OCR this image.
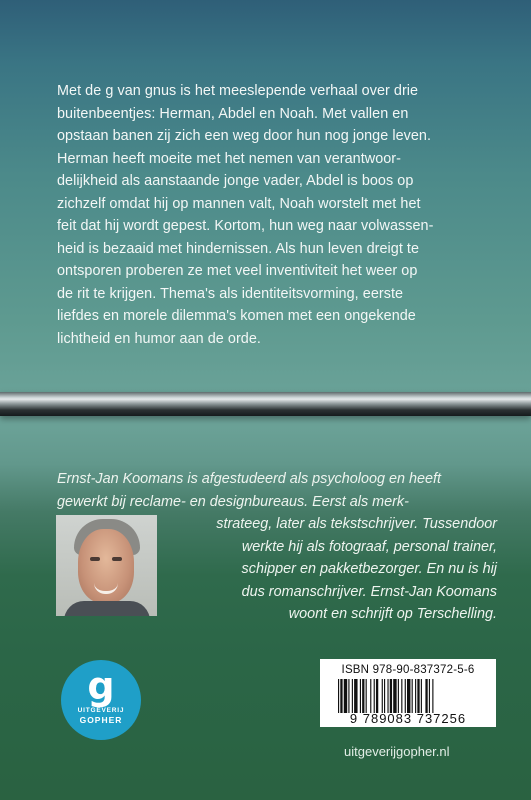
Met de g van gnus is het meeslepende verhaal over drie
buitenbeentjes: Herman, Abdel en Noah. Met vallen en
opstaan banen zij zich een weg door hun nog jonge leven.
Herman heeft moeite met het nemen van verantwoor-
delijkheid als aanstaande jonge vader, Abdel is boos op
zichzelf omdat hij op mannen valt, Noah worstelt met het
feit dat hij wordt gepest. Kortom, hun weg naar volwassen-
heid is bezaaid met hindernissen. Als hun leven dreigt te
ontsporen proberen ze met veel inventiviteit het weer op
de rit te krijgen. Thema's als identiteitsvorming, eerste
liefdes en morele dilemma's komen met een ongekende
lichtheid en humor aan de orde.
Ernst-Jan Koomans is afgestudeerd als psycholoog en heeft
gewerkt bij reclame- en designbureaus. Eerst als merk-
strateeg, later als tekstschrijver. Tussendoor
werkte hij als fotograaf, personal trainer,
schipper en pakketbezorger. En nu is hij
dus romanschrijver. Ernst-Jan Koomans
woont en schrijft op Terschelling.
g
UITGEVERIJ
GOPHER
ISBN 978-90-837372-5-6
9 789083 737256

uitgeverijgopher.nl
